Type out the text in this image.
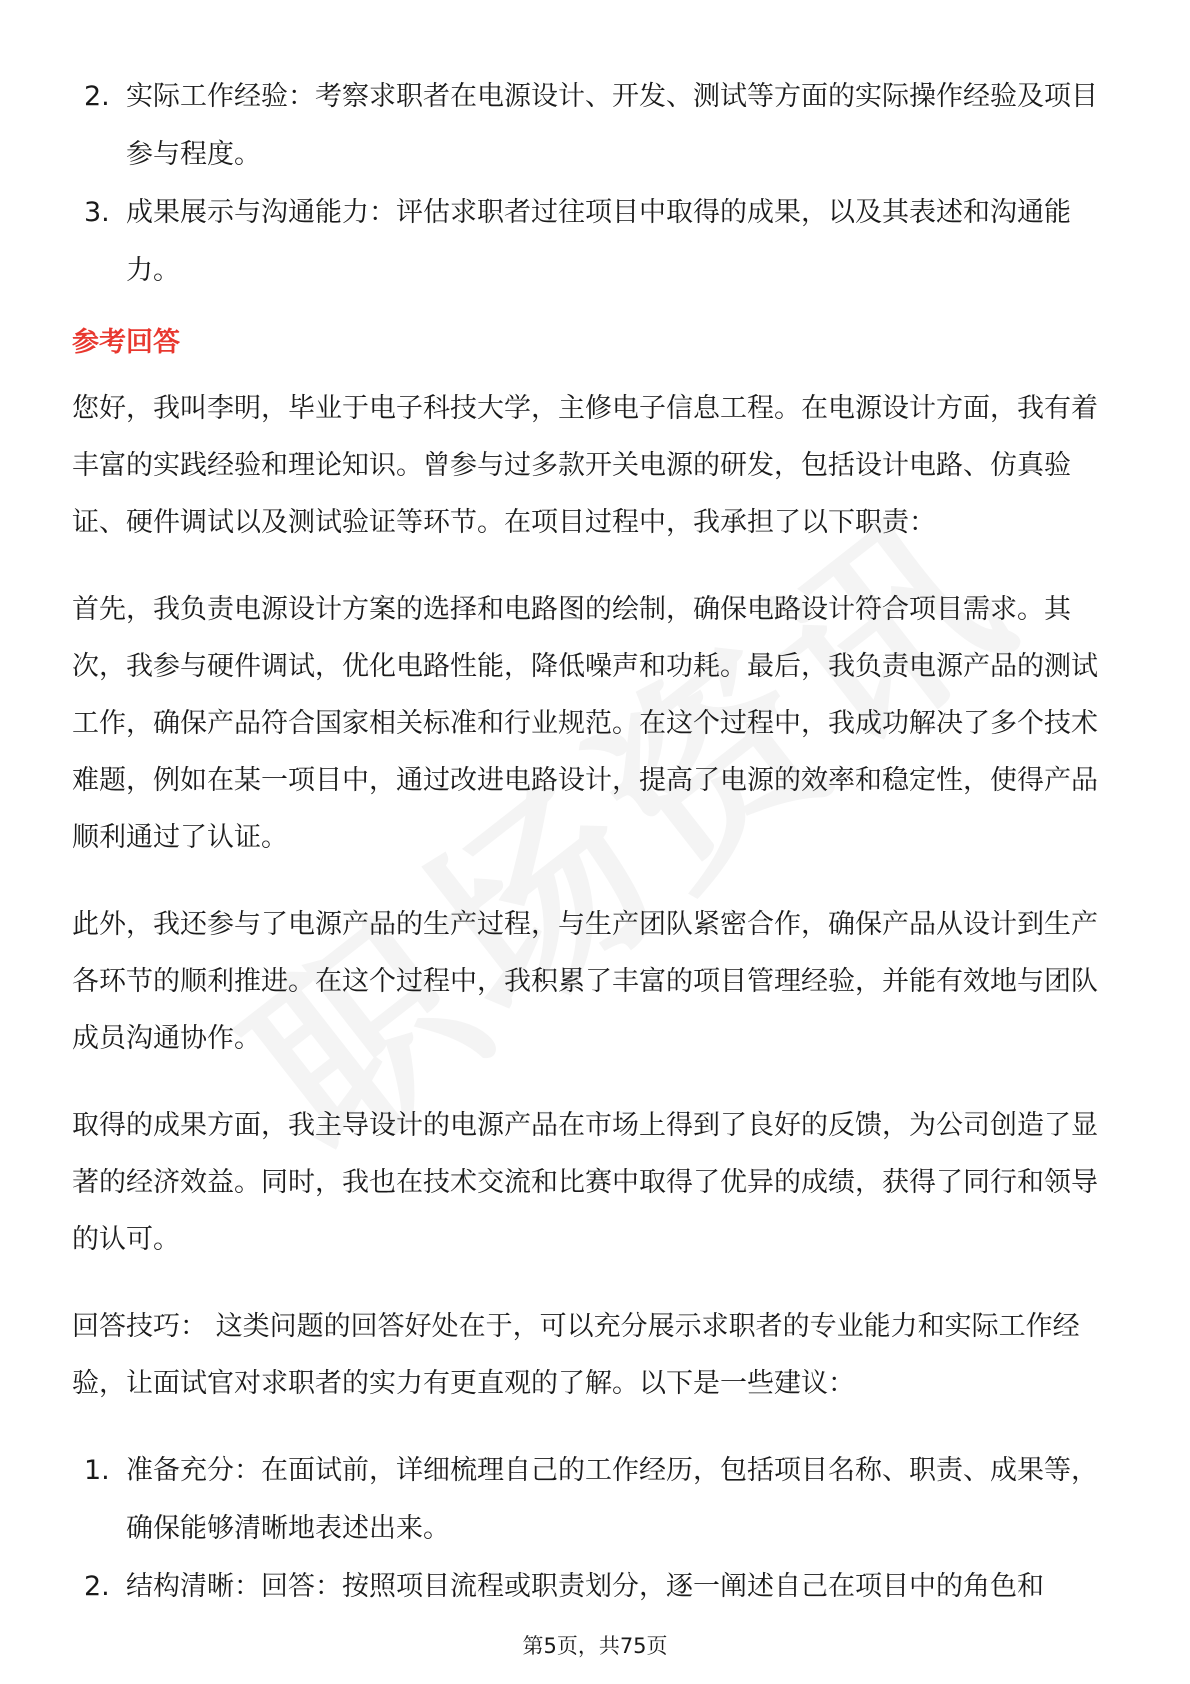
2. 实际工作经验：考察求职者在电源设计、开发、测试等方面的实际操作经验及项目参与程度。
3. 成果展示与沟通能力：评估求职者过往项目中取得的成果，以及其表述和沟通能力。
参考回答

您好，我叫李明，毕业于电子科技大学，主修电子信息工程。在电源设计方面，我有着丰富的实践经验和理论知识。曾参与过多款开关电源的研发，包括设计电路、仿真验证、硬件调试以及测试验证等环节。在项目过程中，我承担了以下职责：

首先，我负责电源设计方案的选择和电路图的绘制，确保电路设计符合项目需求。其次，我参与硬件调试，优化电路性能，降低噪声和功耗。最后，我负责电源产品的测试工作，确保产品符合国家相关标准和行业规范。在这个过程中，我成功解决了多个技术难题，例如在某一项目中，通过改进电路设计，提高了电源的效率和稳定性，使得产品顺利通过了认证。

此外，我还参与了电源产品的生产过程，与生产团队紧密合作，确保产品从设计到生产各环节的顺利推进。在这个过程中，我积累了丰富的项目管理经验，并能有效地与团队成员沟通协作。

取得的成果方面，我主导设计的电源产品在市场上得到了良好的反馈，为公司创造了显著的经济效益。同时，我也在技术交流和比赛中取得了优异的成绩，获得了同行和领导的认可。

回答技巧： 这类问题的回答好处在于，可以充分展示求职者的专业能力和实际工作经验，让面试官对求职者的实力有更直观的了解。以下是一些建议：

1. 准备充分：在面试前，详细梳理自己的工作经历，包括项目名称、职责、成果等，确保能够清晰地表述出来。
2. 结构清晰：回答：按照项目流程或职责划分，逐一阐述自己在项目中的角色和
第5页，共75页
